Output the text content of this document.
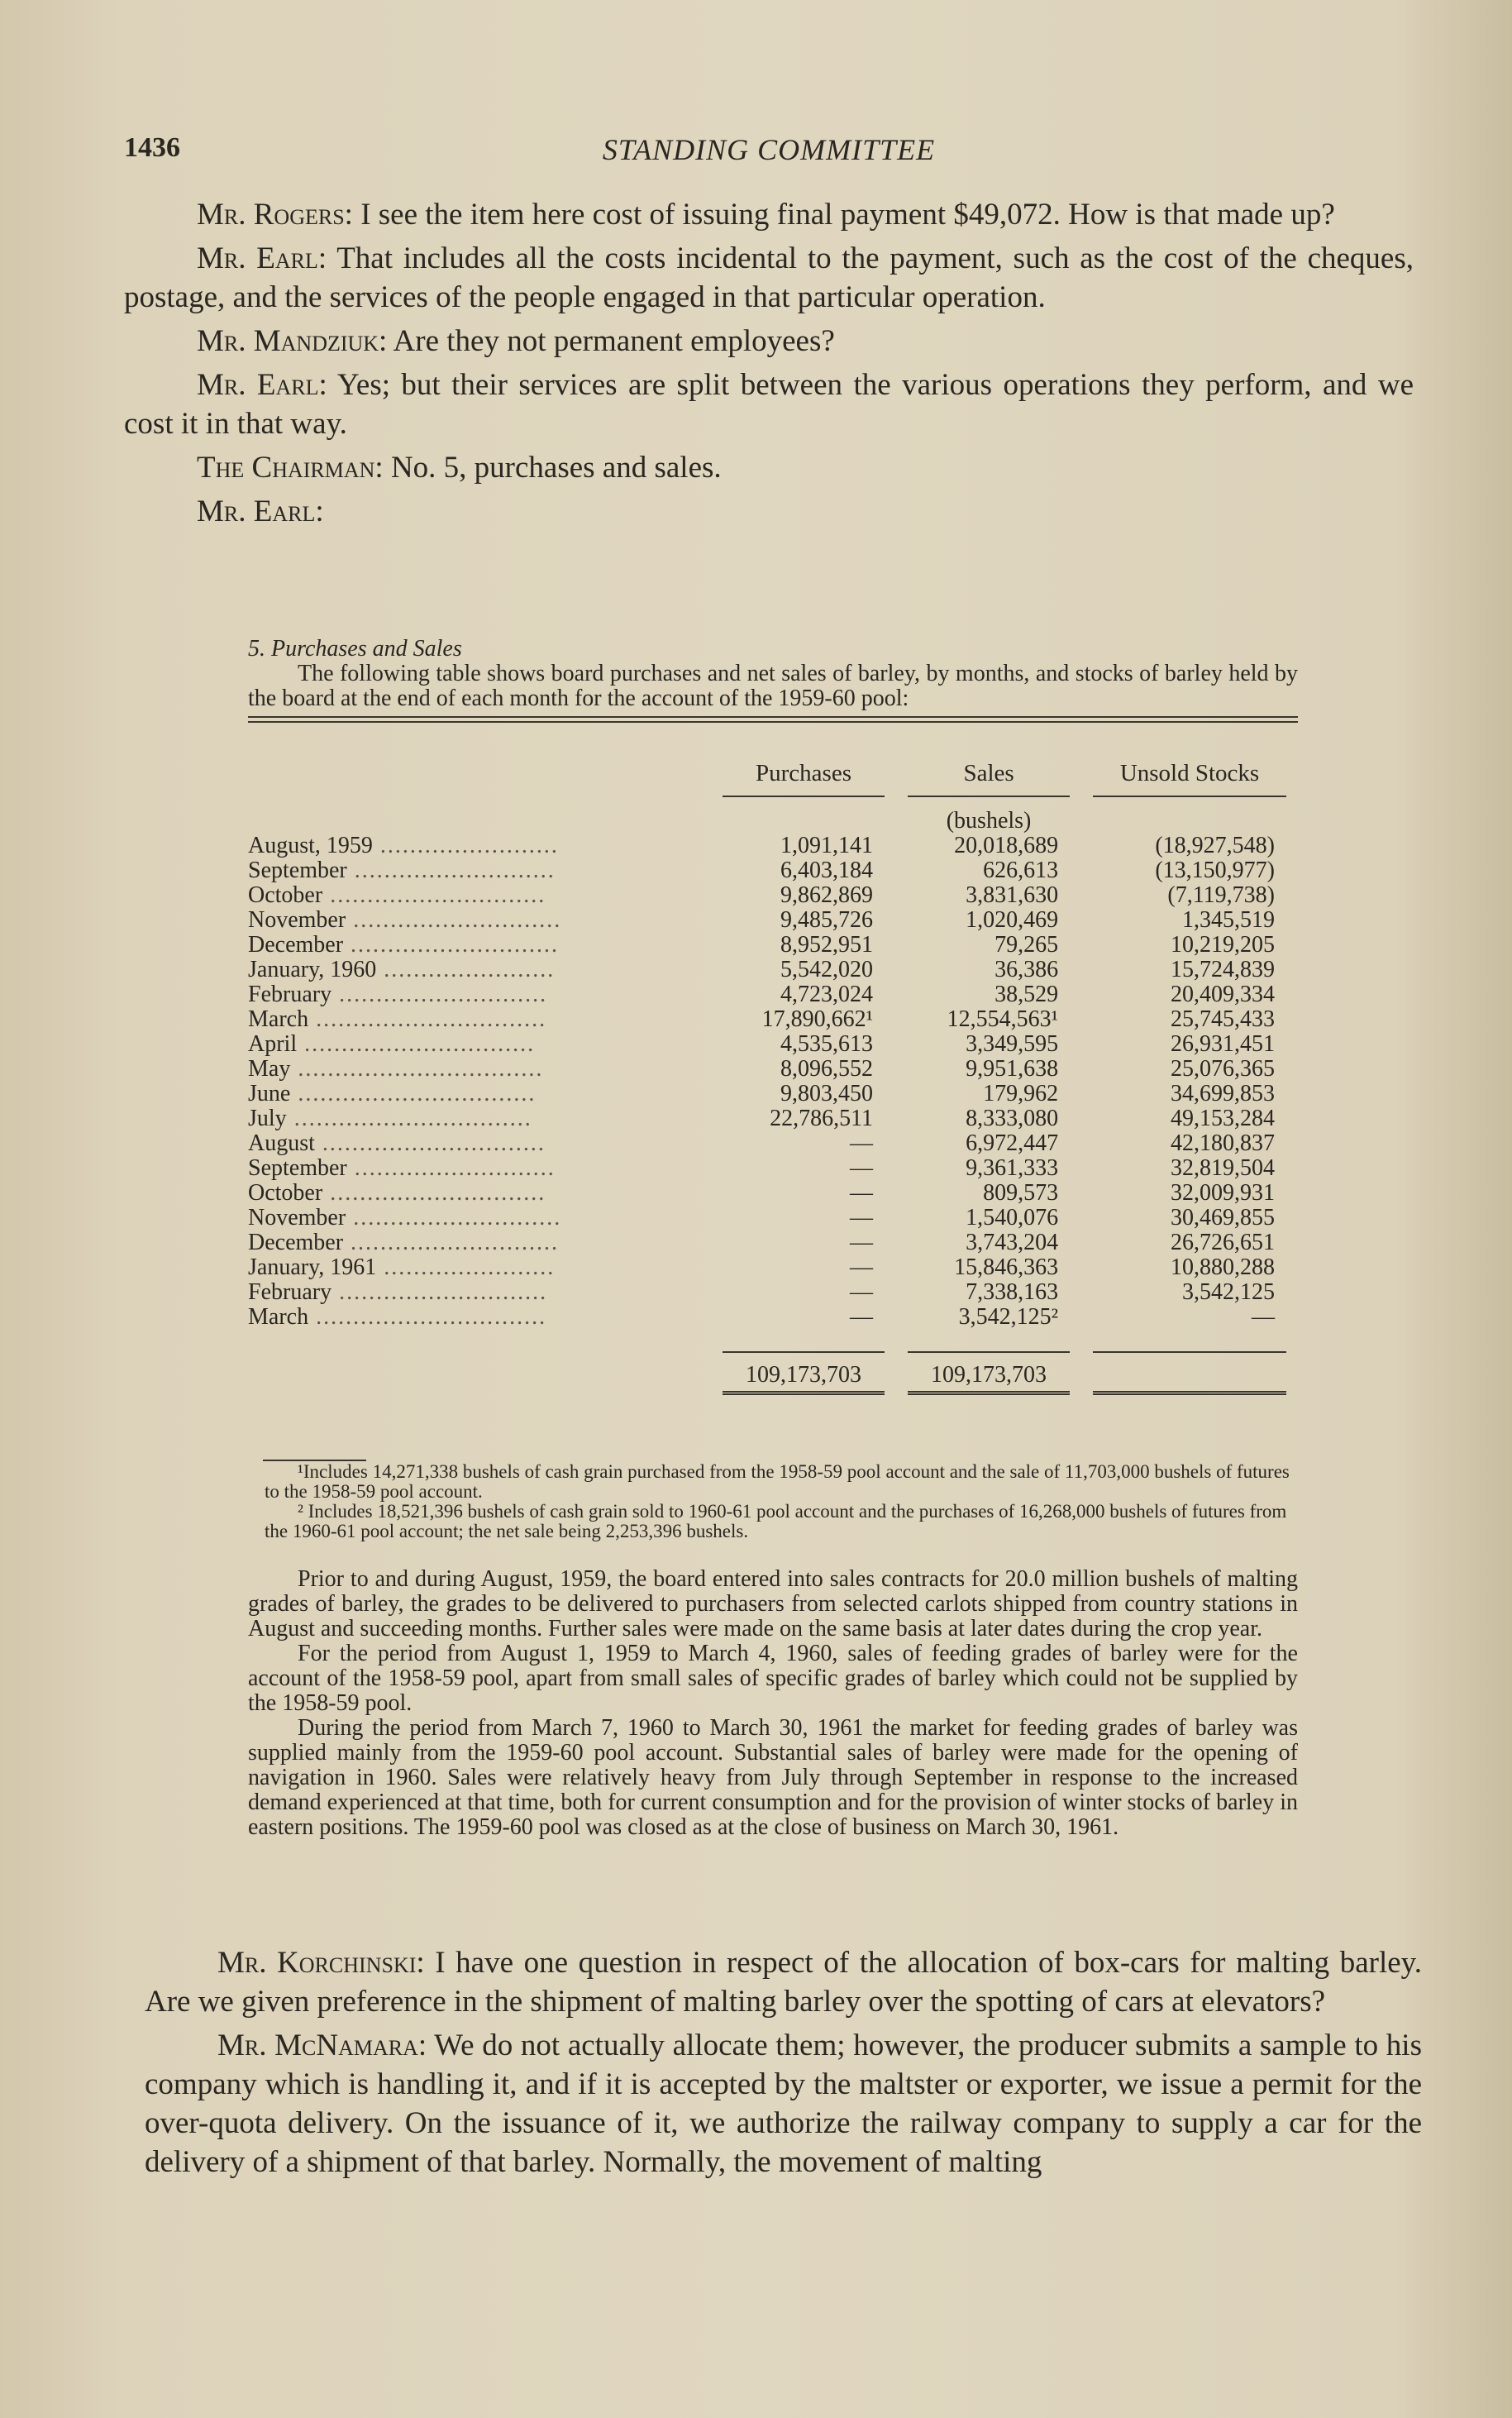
1436	STANDING COMMITTEE

Mr. Rogers: I see the item here cost of issuing final payment $49,072. How is that made up?

Mr. Earl: That includes all the costs incidental to the payment, such as the cost of the cheques, postage, and the services of the people engaged in that particular operation.

Mr. Mandziuk: Are they not permanent employees?

Mr. Earl: Yes; but their services are split between the various operations they perform, and we cost it in that way.

The Chairman: No. 5, purchases and sales.

Mr. Earl:

5. Purchases and Sales

The following table shows board purchases and net sales of barley, by months, and stocks of barley held by the board at the end of each month for the account of the 1959-60 pool:

	Purchases	Sales	Unsold Stocks

		(bushels)	
August, 1959 ........................	1,091,141	20,018,689	(18,927,548)
September ...........................	6,403,184	626,613	(13,150,977)
October .............................	9,862,869	3,831,630	(7,119,738)
November ............................	9,485,726	1,020,469	1,345,519
December ............................	8,952,951	79,265	10,219,205
January, 1960 .......................	5,542,020	36,386	15,724,839
February ............................	4,723,024	38,529	20,409,334
March ...............................	17,890,662¹	12,554,563¹	25,745,433
April ...............................	4,535,613	3,349,595	26,931,451
May .................................	8,096,552	9,951,638	25,076,365
June ................................	9,803,450	179,962	34,699,853
July ................................	22,786,511	8,333,080	49,153,284
August ..............................	—	6,972,447	42,180,837
September ...........................	—	9,361,333	32,819,504
October .............................	—	809,573	32,009,931
November ............................	—	1,540,076	30,469,855
December ............................	—	3,743,204	26,726,651
January, 1961 .......................	—	15,846,363	10,880,288
February ............................	—	7,338,163	3,542,125
March ...............................	—	3,542,125²	—

	109,173,703	109,173,703	

¹Includes 14,271,338 bushels of cash grain purchased from the 1958-59 pool account and the sale of 11,703,000 bushels of futures to the 1958-59 pool account.
² Includes 18,521,396 bushels of cash grain sold to 1960-61 pool account and the purchases of 16,268,000 bushels of futures from the 1960-61 pool account; the net sale being 2,253,396 bushels.

Prior to and during August, 1959, the board entered into sales contracts for 20.0 million bushels of malting grades of barley, the grades to be delivered to purchasers from selected carlots shipped from country stations in August and succeeding months. Further sales were made on the same basis at later dates during the crop year.

For the period from August 1, 1959 to March 4, 1960, sales of feeding grades of barley were for the account of the 1958-59 pool, apart from small sales of specific grades of barley which could not be supplied by the 1958-59 pool.

During the period from March 7, 1960 to March 30, 1961 the market for feeding grades of barley was supplied mainly from the 1959-60 pool account. Substantial sales of barley were made for the opening of navigation in 1960. Sales were relatively heavy from July through September in response to the increased demand experienced at that time, both for current consumption and for the provision of winter stocks of barley in eastern positions. The 1959-60 pool was closed as at the close of business on March 30, 1961.

Mr. Korchinski: I have one question in respect of the allocation of box-cars for malting barley. Are we given preference in the shipment of malting barley over the spotting of cars at elevators?

Mr. McNamara: We do not actually allocate them; however, the producer submits a sample to his company which is handling it, and if it is accepted by the maltster or exporter, we issue a permit for the over-quota delivery. On the issuance of it, we authorize the railway company to supply a car for the delivery of a shipment of that barley. Normally, the movement of malting
